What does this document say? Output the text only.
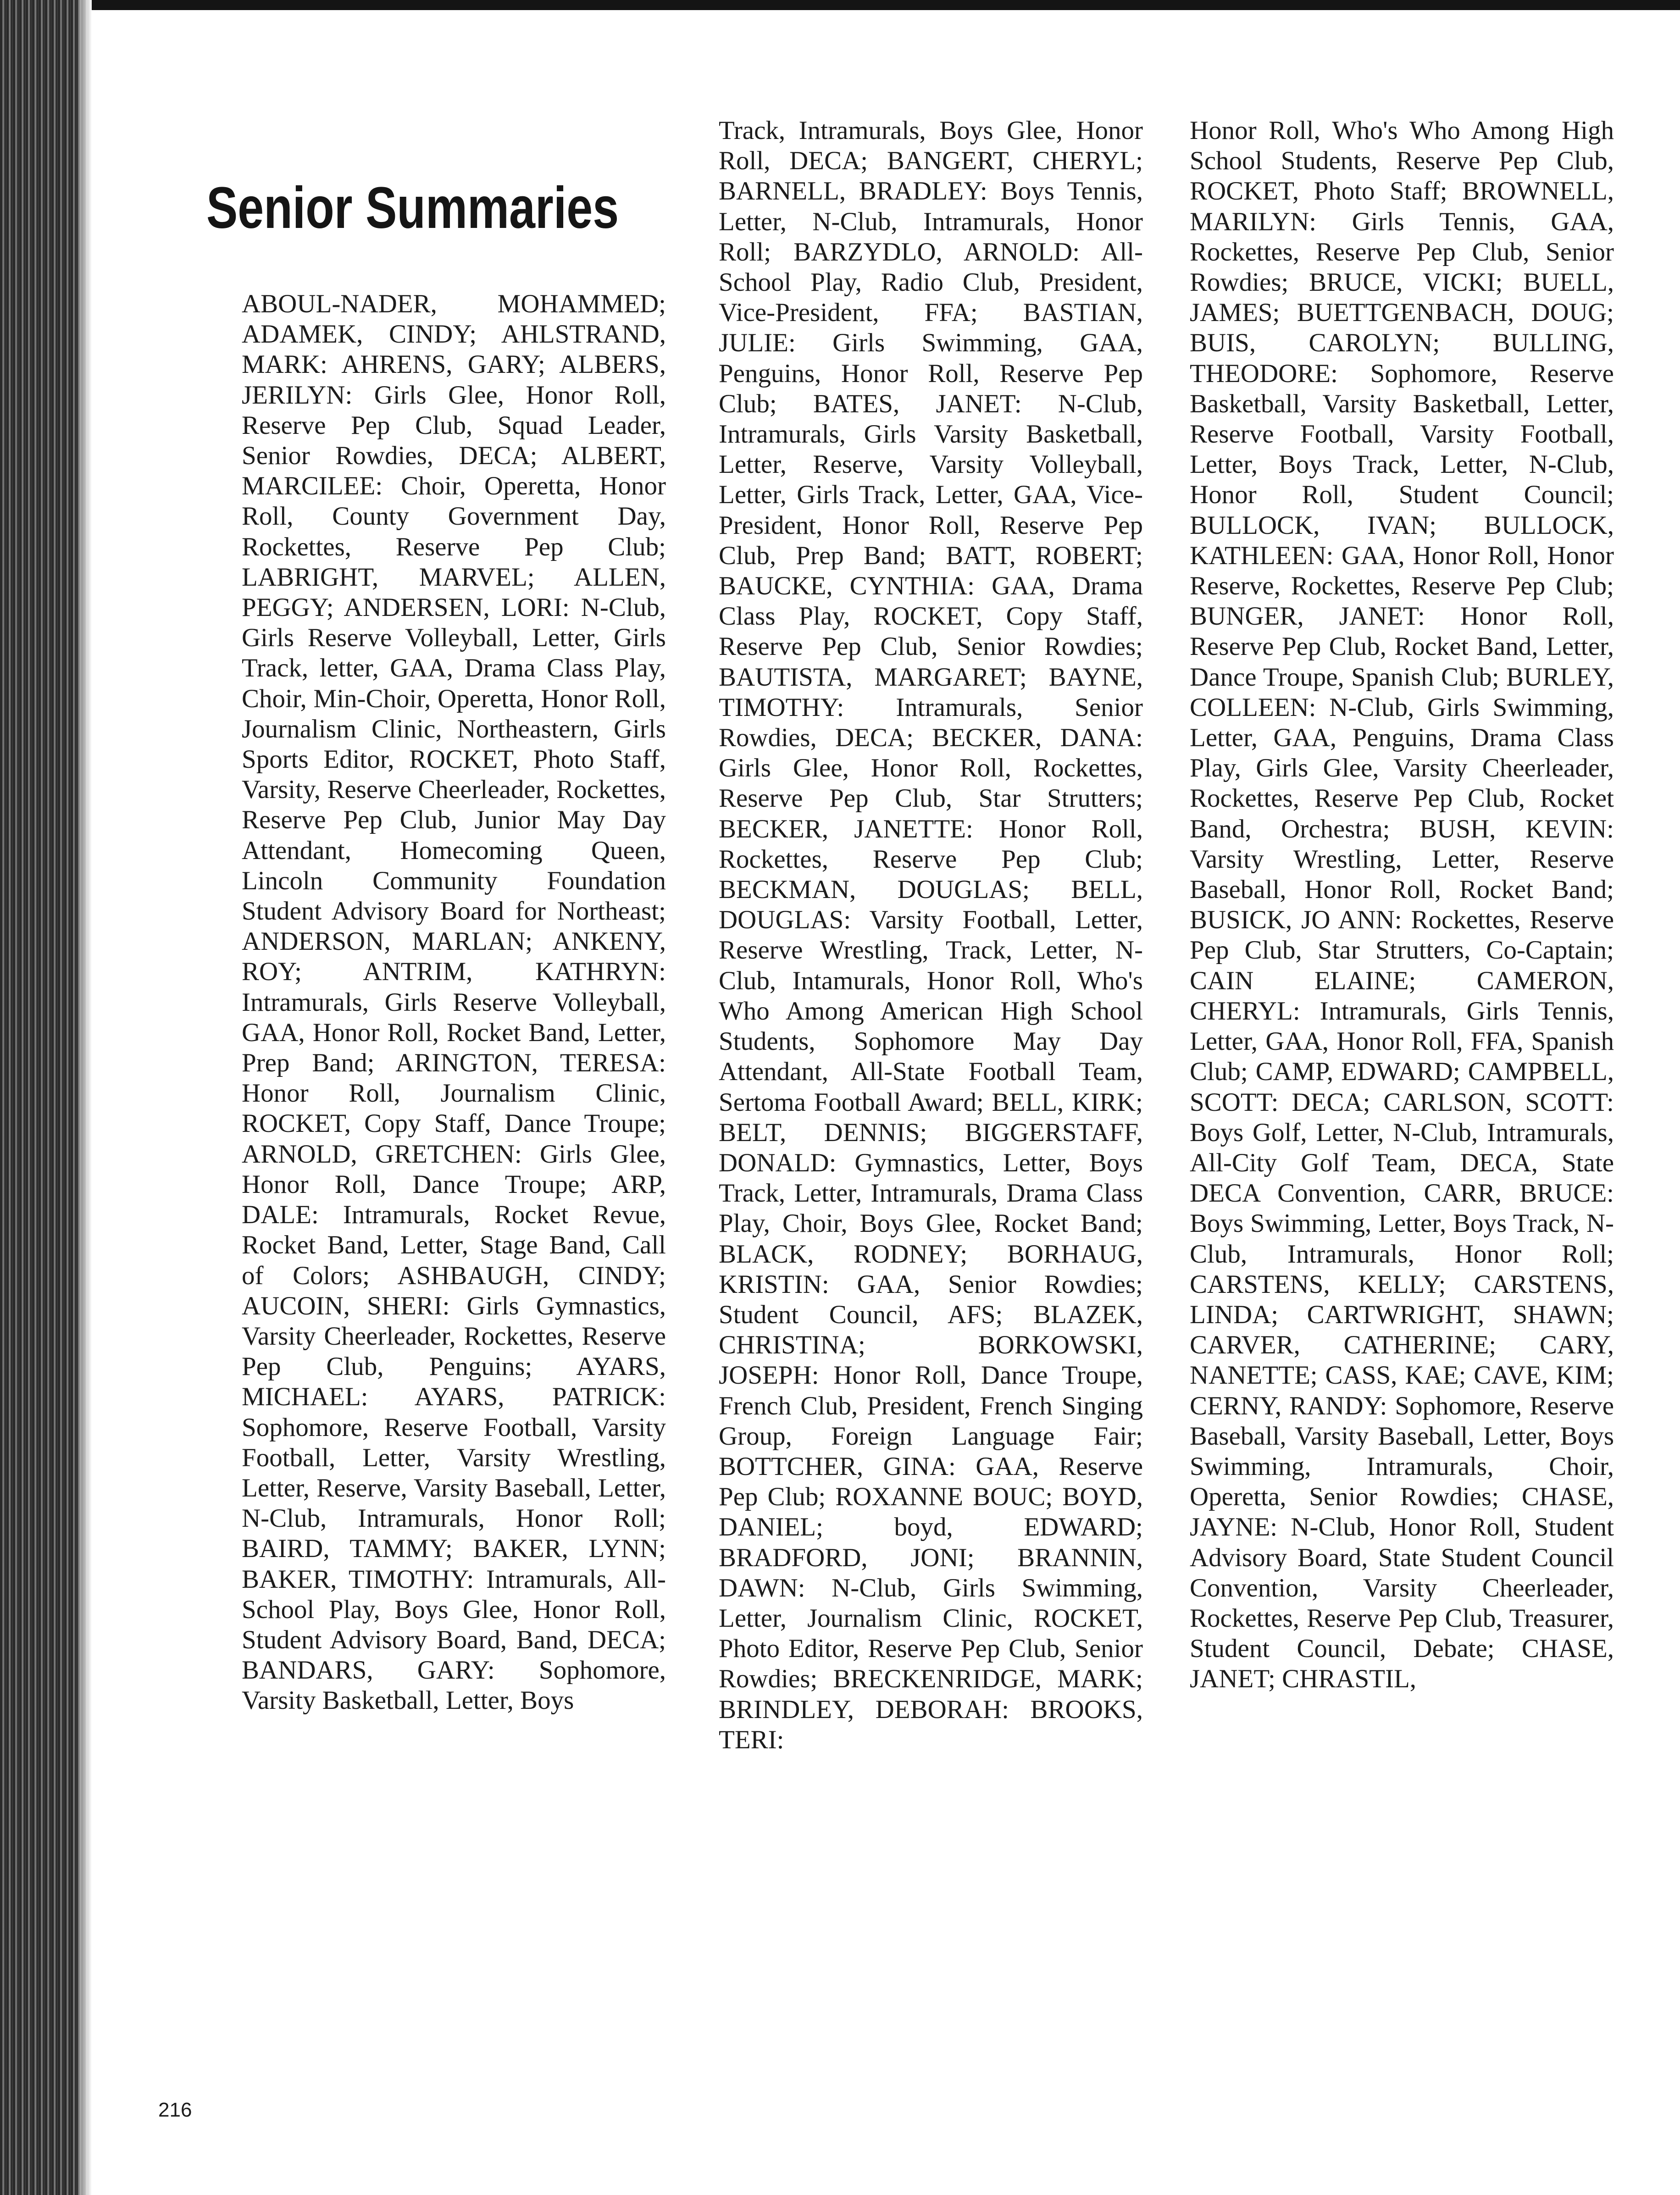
Senior Summaries

ABOUL-NADER, MOHAMMED; ADAMEK, CINDY; AHLSTRAND, MARK: AHRENS, GARY; ALBERS, JERILYN: Girls Glee, Honor Roll, Reserve Pep Club, Squad Leader, Senior Rowdies, DECA; ALBERT, MARCILEE: Choir, Operetta, Honor Roll, County Government Day, Rockettes, Reserve Pep Club; LABRIGHT, MARVEL; ALLEN, PEGGY; ANDERSEN, LORI: N-Club, Girls Reserve Volleyball, Letter, Girls Track, letter, GAA, Drama Class Play, Choir, Min-Choir, Operetta, Honor Roll, Journalism Clinic, Northeastern, Girls Sports Editor, ROCKET, Photo Staff, Varsity, Reserve Cheerleader, Rockettes, Reserve Pep Club, Junior May Day Attendant, Homecoming Queen, Lincoln Community Foundation Student Advisory Board for Northeast; ANDERSON, MARLAN; ANKENY, ROY; ANTRIM, KATHRYN: Intramurals, Girls Reserve Volleyball, GAA, Honor Roll, Rocket Band, Letter, Prep Band; ARINGTON, TERESA: Honor Roll, Journalism Clinic, ROCKET, Copy Staff, Dance Troupe; ARNOLD, GRETCHEN: Girls Glee, Honor Roll, Dance Troupe; ARP, DALE: Intramurals, Rocket Revue, Rocket Band, Letter, Stage Band, Call of Colors; ASHBAUGH, CINDY; AUCOIN, SHERI: Girls Gymnastics, Varsity Cheerleader, Rockettes, Reserve Pep Club, Penguins; AYARS, MICHAEL: AYARS, PATRICK: Sophomore, Reserve Football, Varsity Football, Letter, Varsity Wrestling, Letter, Reserve, Varsity Baseball, Letter, N-Club, Intramurals, Honor Roll; BAIRD, TAMMY; BAKER, LYNN; BAKER, TIMOTHY: Intramurals, All-School Play, Boys Glee, Honor Roll, Student Advisory Board, Band, DECA; BANDARS, GARY: Sophomore, Varsity Basketball, Letter, Boys

Track, Intramurals, Boys Glee, Honor Roll, DECA; BANGERT, CHERYL; BARNELL, BRADLEY: Boys Tennis, Letter, N-Club, Intramurals, Honor Roll; BARZYDLO, ARNOLD: All-School Play, Radio Club, President, Vice-President, FFA; BASTIAN, JULIE: Girls Swimming, GAA, Penguins, Honor Roll, Reserve Pep Club; BATES, JANET: N-Club, Intramurals, Girls Varsity Basketball, Letter, Reserve, Varsity Volleyball, Letter, Girls Track, Letter, GAA, Vice-President, Honor Roll, Reserve Pep Club, Prep Band; BATT, ROBERT; BAUCKE, CYNTHIA: GAA, Drama Class Play, ROCKET, Copy Staff, Reserve Pep Club, Senior Rowdies; BAUTISTA, MARGARET; BAYNE, TIMOTHY: Intramurals, Senior Rowdies, DECA; BECKER, DANA: Girls Glee, Honor Roll, Rockettes, Reserve Pep Club, Star Strutters; BECKER, JANETTE: Honor Roll, Rockettes, Reserve Pep Club; BECKMAN, DOUGLAS; BELL, DOUGLAS: Varsity Football, Letter, Reserve Wrestling, Track, Letter, N-Club, Intamurals, Honor Roll, Who's Who Among American High School Students, Sophomore May Day Attendant, All-State Football Team, Sertoma Football Award; BELL, KIRK; BELT, DENNIS; BIGGERSTAFF, DONALD: Gymnastics, Letter, Boys Track, Letter, Intramurals, Drama Class Play, Choir, Boys Glee, Rocket Band; BLACK, RODNEY; BORHAUG, KRISTIN: GAA, Senior Rowdies; Student Council, AFS; BLAZEK, CHRISTINA; BORKOWSKI, JOSEPH: Honor Roll, Dance Troupe, French Club, President, French Singing Group, Foreign Language Fair; BOTTCHER, GINA: GAA, Reserve Pep Club; ROXANNE BOUC; BOYD, DANIEL; boyd, EDWARD; BRADFORD, JONI; BRANNIN, DAWN: N-Club, Girls Swimming, Letter, Journalism Clinic, ROCKET, Photo Editor, Reserve Pep Club, Senior Rowdies; BRECKENRIDGE, MARK; BRINDLEY, DEBORAH: BROOKS, TERI:

Honor Roll, Who's Who Among High School Students, Reserve Pep Club, ROCKET, Photo Staff; BROWNELL, MARILYN: Girls Tennis, GAA, Rockettes, Reserve Pep Club, Senior Rowdies; BRUCE, VICKI; BUELL, JAMES; BUETTGENBACH, DOUG; BUIS, CAROLYN; BULLING, THEODORE: Sophomore, Reserve Basketball, Varsity Basketball, Letter, Reserve Football, Varsity Football, Letter, Boys Track, Letter, N-Club, Honor Roll, Student Council; BULLOCK, IVAN; BULLOCK, KATHLEEN: GAA, Honor Roll, Honor Reserve, Rockettes, Reserve Pep Club; BUNGER, JANET: Honor Roll, Reserve Pep Club, Rocket Band, Letter, Dance Troupe, Spanish Club; BURLEY, COLLEEN: N-Club, Girls Swimming, Letter, GAA, Penguins, Drama Class Play, Girls Glee, Varsity Cheerleader, Rockettes, Reserve Pep Club, Rocket Band, Orchestra; BUSH, KEVIN: Varsity Wrestling, Letter, Reserve Baseball, Honor Roll, Rocket Band; BUSICK, JO ANN: Rockettes, Reserve Pep Club, Star Strutters, Co-Captain; CAIN ELAINE; CAMERON, CHERYL: Intramurals, Girls Tennis, Letter, GAA, Honor Roll, FFA, Spanish Club; CAMP, EDWARD; CAMPBELL, SCOTT: DECA; CARLSON, SCOTT: Boys Golf, Letter, N-Club, Intramurals, All-City Golf Team, DECA, State DECA Convention, CARR, BRUCE: Boys Swimming, Letter, Boys Track, N-Club, Intramurals, Honor Roll; CARSTENS, KELLY; CARSTENS, LINDA; CARTWRIGHT, SHAWN; CARVER, CATHERINE; CARY, NANETTE; CASS, KAE; CAVE, KIM; CERNY, RANDY: Sophomore, Reserve Baseball, Varsity Baseball, Letter, Boys Swimming, Intramurals, Choir, Operetta, Senior Rowdies; CHASE, JAYNE: N-Club, Honor Roll, Student Advisory Board, State Student Council Convention, Varsity Cheerleader, Rockettes, Reserve Pep Club, Treasurer, Student Council, Debate; CHASE, JANET; CHRASTIL,

216
